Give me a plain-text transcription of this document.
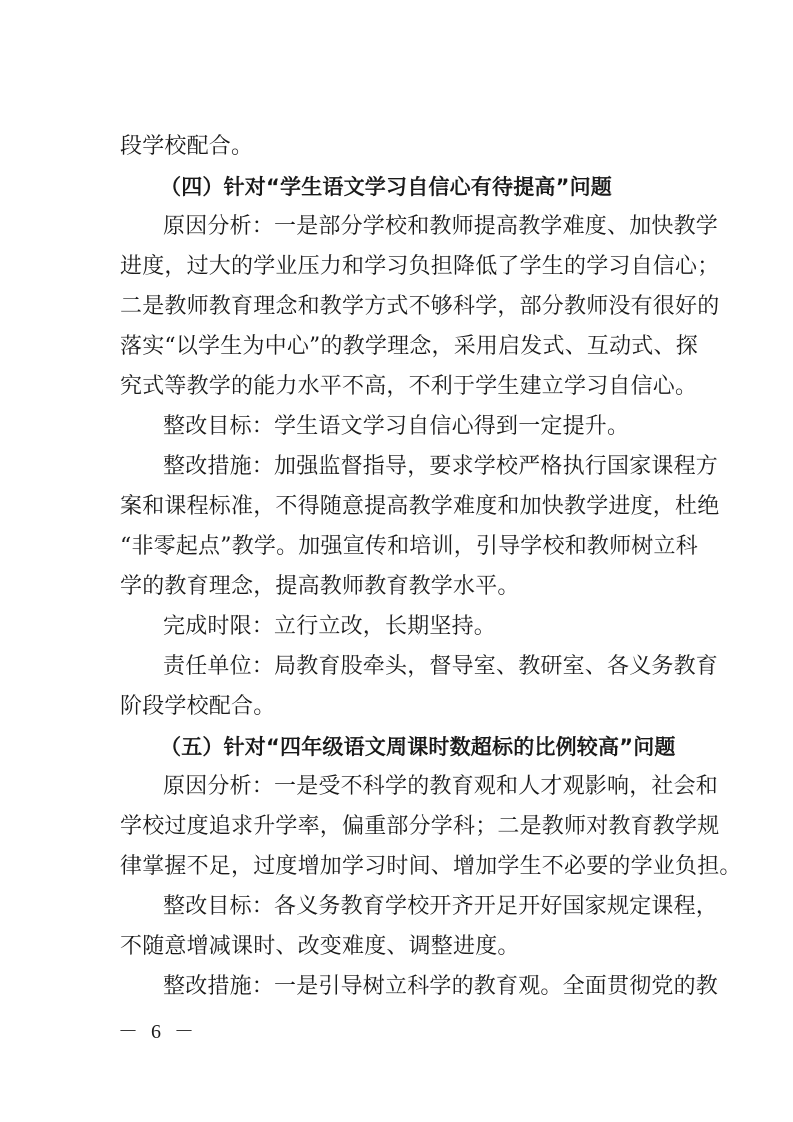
段学校配合。
（四）针对“学生语文学习自信心有待提高”问题
原因分析：一是部分学校和教师提高教学难度、加快教学
进度，过大的学业压力和学习负担降低了学生的学习自信心；
二是教师教育理念和教学方式不够科学，部分教师没有很好的
落实“以学生为中心”的教学理念，采用启发式、互动式、探
究式等教学的能力水平不高，不利于学生建立学习自信心。
整改目标：学生语文学习自信心得到一定提升。
整改措施：加强监督指导，要求学校严格执行国家课程方
案和课程标准，不得随意提高教学难度和加快教学进度，杜绝
“非零起点”教学。加强宣传和培训，引导学校和教师树立科
学的教育理念，提高教师教育教学水平。
完成时限：立行立改，长期坚持。
责任单位：局教育股牵头，督导室、教研室、各义务教育
阶段学校配合。
（五）针对“四年级语文周课时数超标的比例较高”问题
原因分析：一是受不科学的教育观和人才观影响，社会和
学校过度追求升学率，偏重部分学科；二是教师对教育教学规
律掌握不足，过度增加学习时间、增加学生不必要的学业负担。
整改目标：各义务教育学校开齐开足开好国家规定课程，
不随意增减课时、改变难度、调整进度。
整改措施：一是引导树立科学的教育观。全面贯彻党的教
－ 6 －
